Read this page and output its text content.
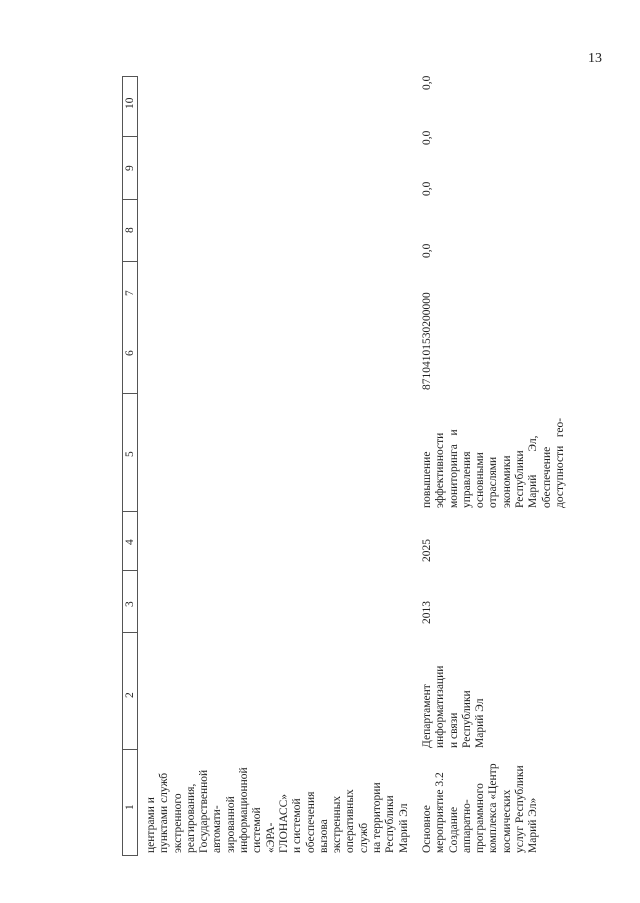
13
10
9
8
7
6
5
4
3
2
1 центрами и пунктами служб экстренного реагирования, Государственной автомати- зированной информационной системой «ЭРА- ГЛОНАСС» и системой обеспечения вызова экстренных оперативных служб на территории Республики Марий Эл Основное мероприятие 3.2 Создание аппаратно- программного комплекса «Центр космических услуг Республики Марий Эл»
Департамент информатизации и связи Республики Марий Эл
2013
2025
повышение эффективности мониторинга   и управления основными отраслями экономики Республики Марий        Эл, обеспечение доступности   гео-
87104101530200000
0,0
0,0
0,0
0,0
